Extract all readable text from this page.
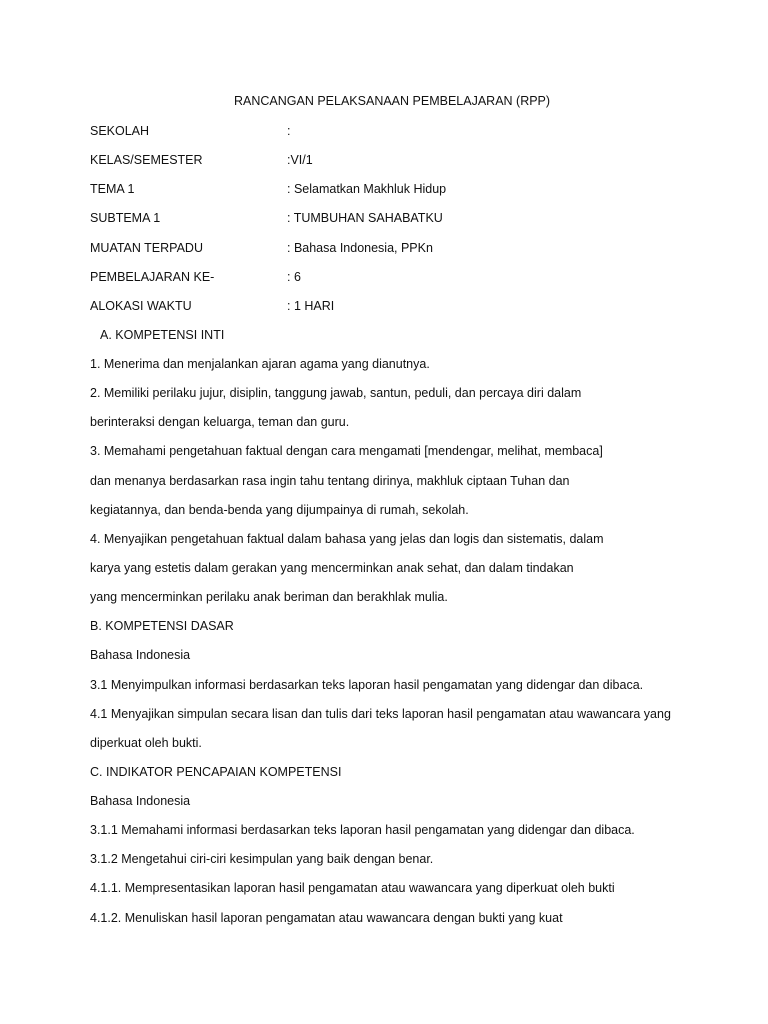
RANCANGAN PELAKSANAAN PEMBELAJARAN (RPP)
SEKOLAH	:
KELAS/SEMESTER	:VI/1
TEMA 1	: Selamatkan Makhluk Hidup
SUBTEMA 1	: TUMBUHAN SAHABATKU
MUATAN TERPADU	: Bahasa Indonesia, PPKn
PEMBELAJARAN KE-	: 6
ALOKASI WAKTU	: 1 HARI
A. KOMPETENSI INTI
1. Menerima dan menjalankan ajaran agama yang dianutnya.
2. Memiliki perilaku jujur, disiplin, tanggung jawab, santun, peduli, dan percaya diri dalam
berinteraksi dengan keluarga, teman dan guru.
3. Memahami pengetahuan faktual dengan cara mengamati [mendengar, melihat, membaca]
dan menanya berdasarkan rasa ingin tahu tentang dirinya, makhluk ciptaan Tuhan dan
kegiatannya, dan benda-benda yang dijumpainya di rumah, sekolah.
4. Menyajikan pengetahuan faktual dalam bahasa yang jelas dan logis dan sistematis, dalam
karya yang estetis dalam gerakan yang mencerminkan anak sehat, dan dalam tindakan
yang mencerminkan perilaku anak beriman dan berakhlak mulia.
B. KOMPETENSI DASAR
Bahasa Indonesia
3.1 Menyimpulkan informasi berdasarkan teks laporan hasil pengamatan yang didengar dan dibaca.
4.1 Menyajikan simpulan secara lisan dan tulis dari teks laporan hasil pengamatan atau wawancara yang
diperkuat oleh bukti.
C. INDIKATOR PENCAPAIAN KOMPETENSI
Bahasa Indonesia
3.1.1 Memahami informasi berdasarkan teks laporan hasil pengamatan yang didengar dan dibaca.
3.1.2 Mengetahui ciri-ciri kesimpulan yang baik dengan benar.
4.1.1. Mempresentasikan laporan hasil pengamatan atau wawancara yang diperkuat oleh bukti
4.1.2. Menuliskan hasil laporan pengamatan atau wawancara dengan bukti yang kuat
